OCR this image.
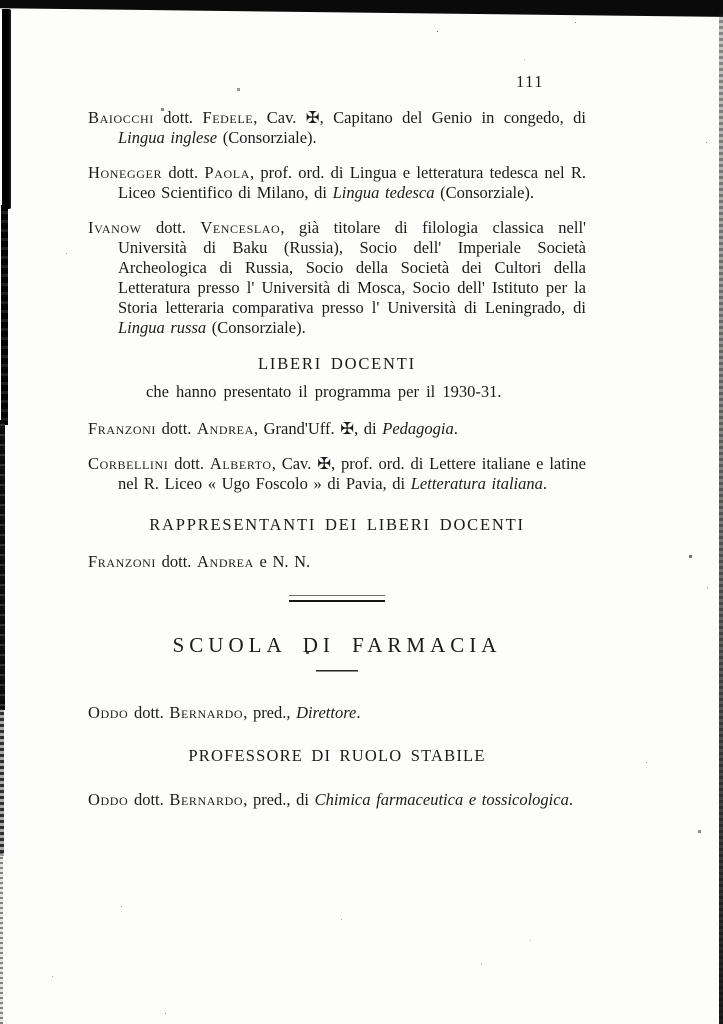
111

Baiocchi dott. Fedele, Cav. ✠, Capitano del Genio in congedo, di Lingua inglese (Consorziale).

Honegger dott. Paola, prof. ord. di Lingua e letteratura tedesca nel R. Liceo Scientifico di Milano, di Lingua tedesca (Consorziale).

Ivanow dott. Venceslao, già titolare di filologia classica nell' Università di Baku (Russia), Socio dell' Imperiale Società Archeologica di Russia, Socio della Società dei Cultori della Letteratura presso l' Università di Mosca, Socio dell' Istituto per la Storia letteraria comparativa presso l' Università di Leningrado, di Lingua russa (Consorziale).

LIBERI DOCENTI
che hanno presentato il programma per il 1930-31.

Franzoni dott. Andrea, Grand'Uff. ✠, di Pedagogia.

Corbellini dott. Alberto, Cav. ✠, prof. ord. di Lettere italiane e latine nel R. Liceo « Ugo Foscolo » di Pavia, di Letteratura italiana.

RAPPRESENTANTI DEI LIBERI DOCENTI

Franzoni dott. Andrea e N. N.

SCUOLA DI FARMACIA

Oddo dott. Bernardo, pred., Direttore.

PROFESSORE DI RUOLO STABILE

Oddo dott. Bernardo, pred., di Chimica farmaceutica e tossicologica.
